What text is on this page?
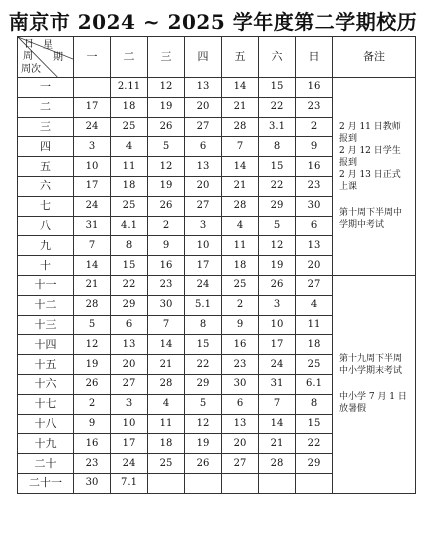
南京市 2024 ~ 2025 学年度第二学期校历
日 星
周 期
周次	一	二	三	四	五	六	日	备注
一		2.11	12	13	14	15	16	2 月 11 日教师报到
2 月 12 日学生报到
2 月 13 日正式上课
第十周下半周中学期中考试

二	17	18	19	20	21	22	23	
三	24	25	26	27	28	3.1	2	
四	3	4	5	6	7	8	9	
五	10	11	12	13	14	15	16	
六	17	18	19	20	21	22	23	
七	24	25	26	27	28	29	30	
八	31	4.1	2	3	4	5	6	
九	7	8	9	10	11	12	13	
十	14	15	16	17	18	19	20	
十一	21	22	23	24	25	26	27	第十九周下半周中小学期末考试
中小学 7 月 1 日放暑假

十二	28	29	30	5.1	2	3	4	
十三	5	6	7	8	9	10	11	
十四	12	13	14	15	16	17	18	
十五	19	20	21	22	23	24	25	
十六	26	27	28	29	30	31	6.1	
十七	2	3	4	5	6	7	8	
十八	9	10	11	12	13	14	15	
十九	16	17	18	19	20	21	22	
二十	23	24	25	26	27	28	29	
二十一	30	7.1						
